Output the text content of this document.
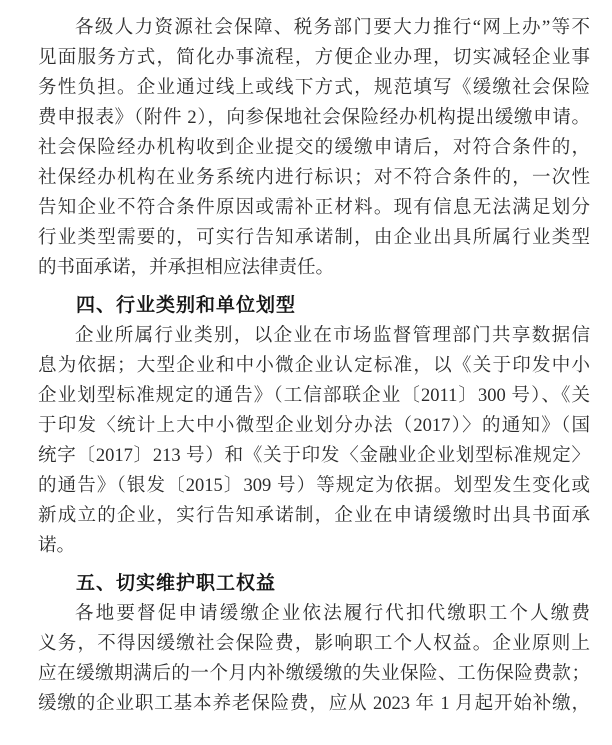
各级人力资源社会保障、税务部门要大力推行“网上办”等不
见面服务方式，简化办事流程，方便企业办理，切实减轻企业事
务性负担。企业通过线上或线下方式，规范填写《缓缴社会保险
费申报表》（附件 2），向参保地社会保险经办机构提出缓缴申请。
社会保险经办机构收到企业提交的缓缴申请后，对符合条件的，
社保经办机构在业务系统内进行标识；对不符合条件的，一次性
告知企业不符合条件原因或需补正材料。现有信息无法满足划分
行业类型需要的，可实行告知承诺制，由企业出具所属行业类型
的书面承诺，并承担相应法律责任。
四、行业类别和单位划型
企业所属行业类别，以企业在市场监督管理部门共享数据信
息为依据；大型企业和中小微企业认定标准，以《关于印发中小
企业划型标准规定的通告》（工信部联企业〔2011〕300 号）、《关
于印发〈统计上大中小微型企业划分办法（2017）〉的通知》（国
统字〔2017〕213 号）和《关于印发〈金融业企业划型标准规定〉
的通告》（银发〔2015〕309 号）等规定为依据。划型发生变化或
新成立的企业，实行告知承诺制，企业在申请缓缴时出具书面承
诺。
五、切实维护职工权益
各地要督促申请缓缴企业依法履行代扣代缴职工个人缴费
义务，不得因缓缴社会保险费，影响职工个人权益。企业原则上
应在缓缴期满后的一个月内补缴缓缴的失业保险、工伤保险费款；
缓缴的企业职工基本养老保险费，应从 2023 年 1 月起开始补缴，
